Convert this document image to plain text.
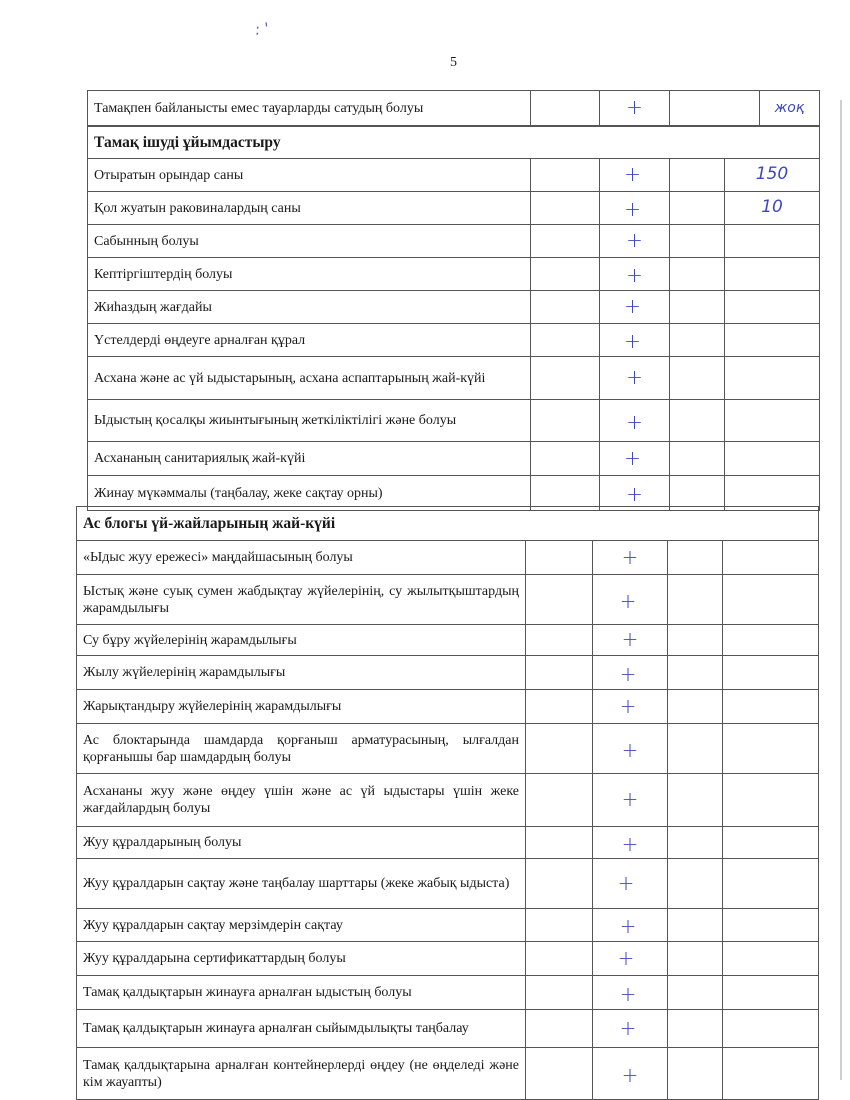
: '
5
Тамақпен байланысты емес тауарларды сатудың болуы		+		жоқ
Тамақ ішуді ұйымдастыру				
Отыратын орындар саны		+		150
Қол жуатын раковиналардың саны		+		10
Сабынның болуы		+		
Кептіргіштердің болуы		+		
Жиһаздың жағдайы		+		
Үстелдерді өңдеуге арналған құрал		+		
Асхана және ас үй ыдыстарының, асхана аспаптарының жай-күйі		+		
Ыдыстың қосалқы жиынтығының жеткіліктілігі және болуы		+		
Асхананың санитариялық жай-күйі		+		
Жинау мүкәммалы (таңбалау, жеке сақтау орны)		+		
Ас блогы үй-жайларының жай-күйі				
«Ыдыс жуу ережесі» маңдайшасының болуы		+		
Ыстық және суық сумен жабдықтау жүйелерінің, су жылытқыштардың жарамдылығы		+		
Су бұру жүйелерінің жарамдылығы		+		
Жылу жүйелерінің жарамдылығы		+		
Жарықтандыру жүйелерінің жарамдылығы		+		
Ас блоктарында шамдарда қорғаныш арматурасының, ылғалдан қорғанышы бар шамдардың болуы		+		
Асхананы жуу және өңдеу үшін және ас үй ыдыстары үшін жеке жағдайлардың болуы		+		
Жуу құралдарының болуы		+		
Жуу құралдарын сақтау және таңбалау шарттары (жеке жабық ыдыста)		+		
Жуу құралдарын сақтау мерзімдерін сақтау		+		
Жуу құралдарына сертификаттардың болуы		+		
Тамақ қалдықтарын жинауға арналған ыдыстың болуы		+		
Тамақ қалдықтарын жинауға арналған сыйымдылықты таңбалау		+		
Тамақ қалдықтарына арналған контейнерлерді өңдеу (не өңделеді және кім жауапты)		+		
